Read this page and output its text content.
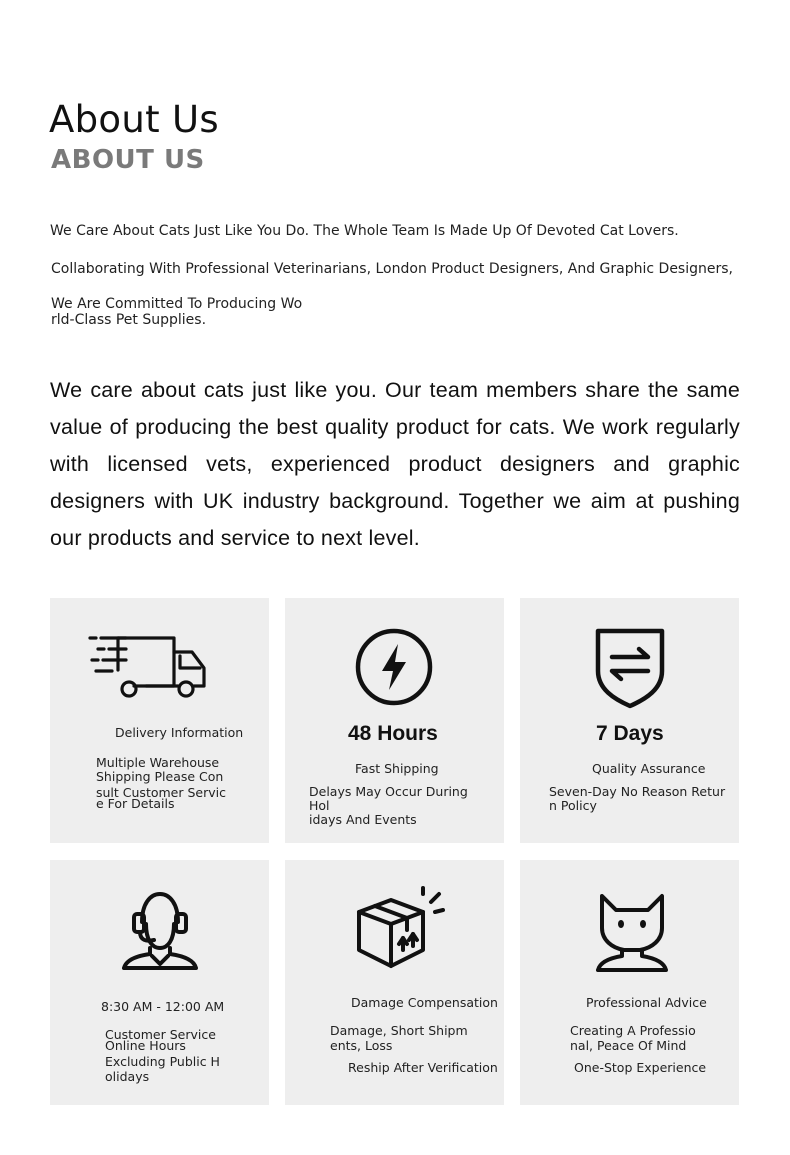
About Us
ABOUT US
We Care About Cats Just Like You Do. The Whole Team Is Made Up Of Devoted Cat Lovers.
Collaborating With Professional Veterinarians, London Product Designers, And Graphic Designers,
We Are Committed To Producing Wo
rld-Class Pet Supplies.
We care about cats just like you. Our team members share the same value of producing the best quality product for cats. We work regularly with licensed vets, experienced product designers and graphic designers with UK industry background. Together we aim at pushing our products and service to next level.
Delivery Information
Multiple Warehouse
Shipping Please Con
sult Customer Servic
e For Details
48 Hours
Fast Shipping
Delays May Occur During Hol
idays And Events
7 Days
Quality Assurance
Seven-Day No Reason Retur
n Policy
8:30 AM - 12:00 AM
Customer Service
Online Hours
Excluding Public H
olidays
Damage Compensation
Damage, Short Shipm
ents, Loss
Reship After Verification
Professional Advice
Creating A Professio
nal, Peace Of Mind
One-Stop Experience
